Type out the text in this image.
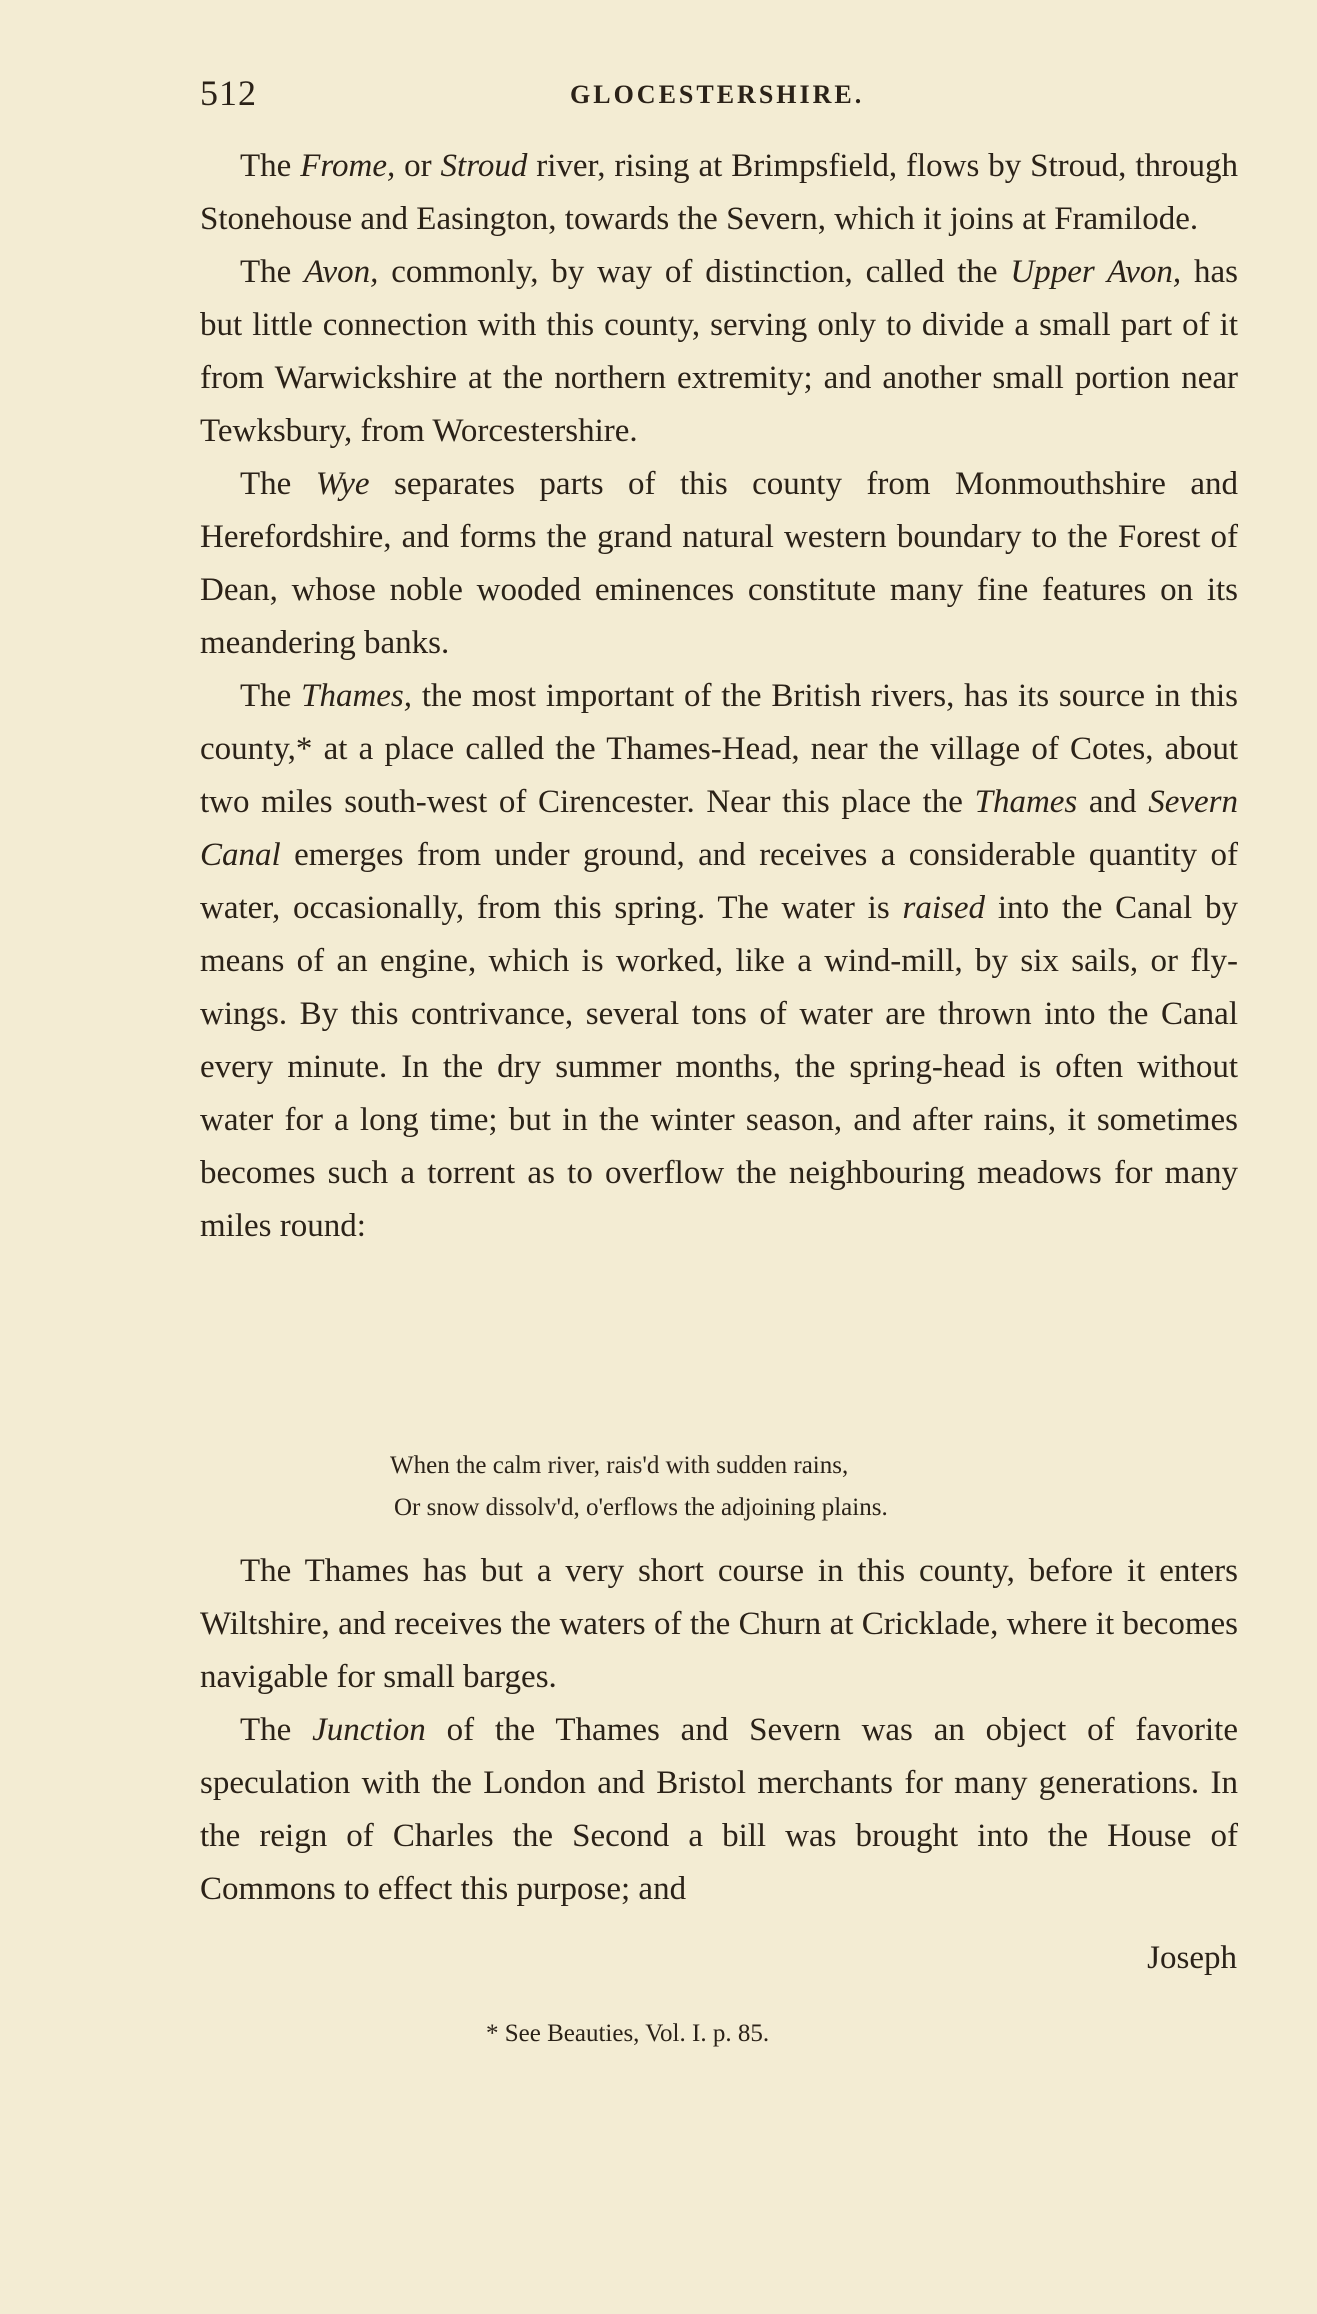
512	GLOCESTERSHIRE.

The Frome, or Stroud river, rising at Brimpsfield, flows by Stroud, through Stonehouse and Easington, towards the Severn, which it joins at Framilode.

The Avon, commonly, by way of distinction, called the Upper Avon, has but little connection with this county, serving only to divide a small part of it from Warwickshire at the northern extremity; and another small portion near Tewksbury, from Worcestershire.

The Wye separates parts of this county from Monmouthshire and Herefordshire, and forms the grand natural western boundary to the Forest of Dean, whose noble wooded eminences constitute many fine features on its meandering banks.

The Thames, the most important of the British rivers, has its source in this county,* at a place called the Thames-Head, near the village of Cotes, about two miles south-west of Cirencester. Near this place the Thames and Severn Canal emerges from under ground, and receives a considerable quantity of water, occasionally, from this spring. The water is raised into the Canal by means of an engine, which is worked, like a wind-mill, by six sails, or fly-wings. By this contrivance, several tons of water are thrown into the Canal every minute. In the dry summer months, the spring-head is often without water for a long time; but in the winter season, and after rains, it sometimes becomes such a torrent as to overflow the neighbouring meadows for many miles round:

When the calm river, rais'd with sudden rains,
Or snow dissolv'd, o'erflows the adjoining plains.

The Thames has but a very short course in this county, before it enters Wiltshire, and receives the waters of the Churn at Cricklade, where it becomes navigable for small barges.

The Junction of the Thames and Severn was an object of favorite speculation with the London and Bristol merchants for many generations. In the reign of Charles the Second a bill was brought into the House of Commons to effect this purpose; and

Joseph
* See Beauties, Vol. I. p. 85.
